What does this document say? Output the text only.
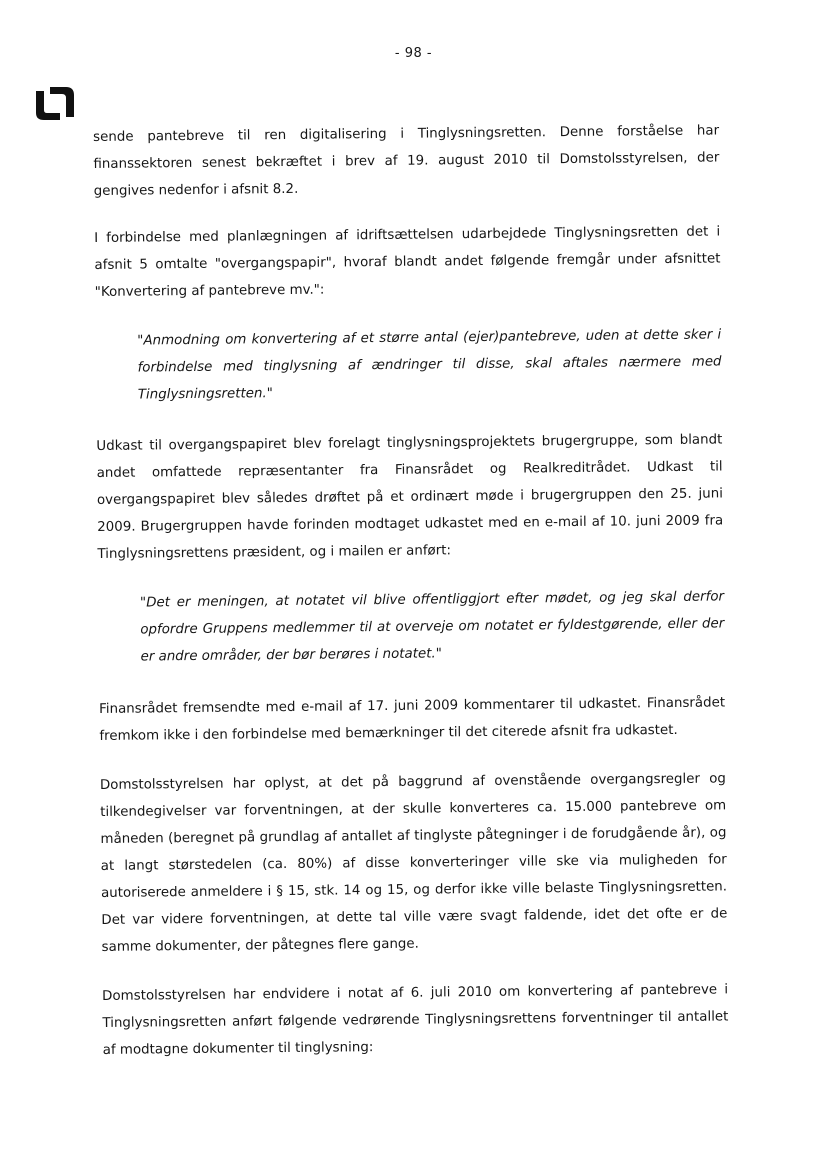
- 98 -

sende pantebreve til ren digitalisering i Tinglysningsretten. Denne forståelse har finanssektoren senest bekræftet i brev af 19. august 2010 til Domstolsstyrelsen, der gengives nedenfor i afsnit 8.2.

I forbindelse med planlægningen af idriftsættelsen udarbejdede Tinglysningsretten det i afsnit 5 omtalte "overgangspapir", hvoraf blandt andet følgende fremgår under afsnittet "Konvertering af pantebreve mv.":

"Anmodning om konvertering af et større antal (ejer)pantebreve, uden at dette sker i forbindelse med tinglysning af ændringer til disse, skal aftales nærmere med Tinglysningsretten."

Udkast til overgangspapiret blev forelagt tinglysningsprojektets brugergruppe, som blandt andet omfattede repræsentanter fra Finansrådet og Realkreditrådet. Udkast til overgangspapiret blev således drøftet på et ordinært møde i brugergruppen den 25. juni 2009. Brugergruppen havde forinden modtaget udkastet med en e-mail af 10. juni 2009 fra Tinglysningsrettens præsident, og i mailen er anført:

"Det er meningen, at notatet vil blive offentliggjort efter mødet, og jeg skal derfor opfordre Gruppens medlemmer til at overveje om notatet er fyldestgørende, eller der er andre områder, der bør berøres i notatet."

Finansrådet fremsendte med e-mail af 17. juni 2009 kommentarer til udkastet. Finansrådet fremkom ikke i den forbindelse med bemærkninger til det citerede afsnit fra udkastet.

Domstolsstyrelsen har oplyst, at det på baggrund af ovenstående overgangsregler og tilkendegivelser var forventningen, at der skulle konverteres ca. 15.000 pantebreve om måneden (beregnet på grundlag af antallet af tinglyste påtegninger i de forudgående år), og at langt størstedelen (ca. 80%) af disse konverteringer ville ske via muligheden for autoriserede anmeldere i § 15, stk. 14 og 15, og derfor ikke ville belaste Tinglysningsretten. Det var videre forventningen, at dette tal ville være svagt faldende, idet det ofte er de samme dokumenter, der påtegnes flere gange.

Domstolsstyrelsen har endvidere i notat af 6. juli 2010 om konvertering af pantebreve i Tinglysningsretten anført følgende vedrørende Tinglysningsrettens forventninger til antallet af modtagne dokumenter til tinglysning:
